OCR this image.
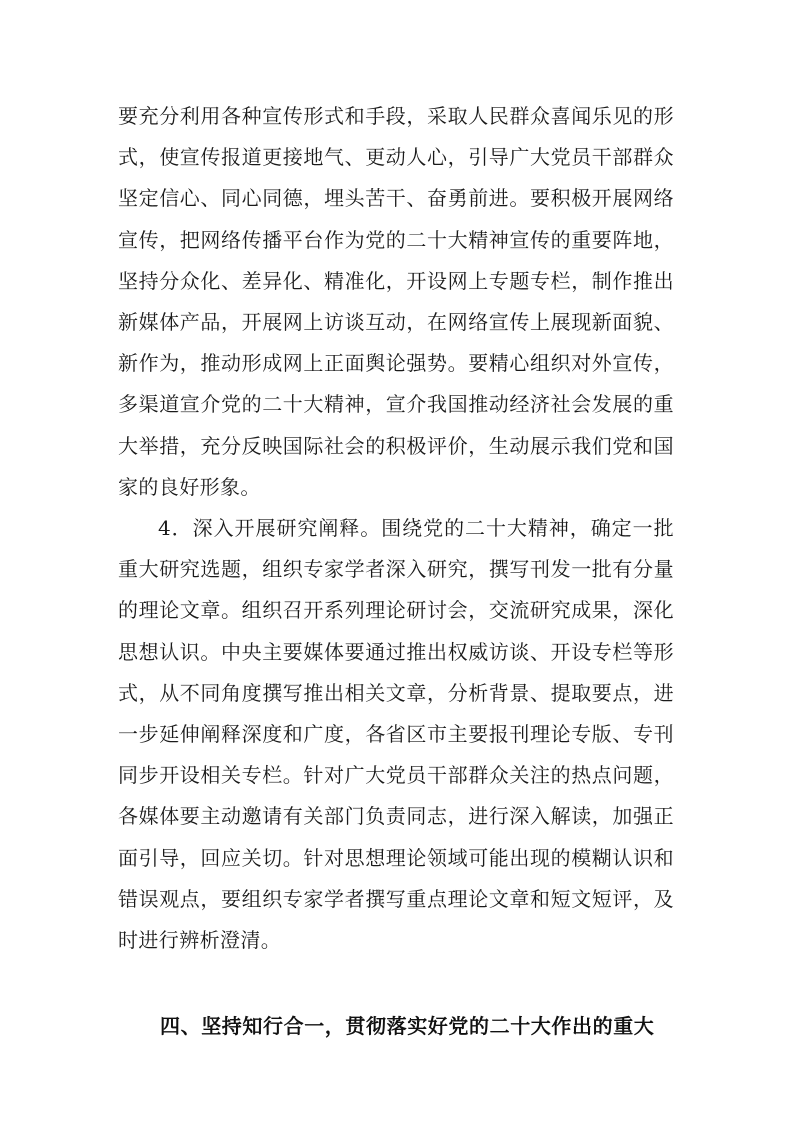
要充分利用各种宣传形式和手段，采取人民群众喜闻乐见的形式，使宣传报道更接地气、更动人心，引导广大党员干部群众坚定信心、同心同德，埋头苦干、奋勇前进。要积极开展网络宣传，把网络传播平台作为党的二十大精神宣传的重要阵地，坚持分众化、差异化、精准化，开设网上专题专栏，制作推出新媒体产品，开展网上访谈互动，在网络宣传上展现新面貌、新作为，推动形成网上正面舆论强势。要精心组织对外宣传，多渠道宣介党的二十大精神，宣介我国推动经济社会发展的重大举措，充分反映国际社会的积极评价，生动展示我们党和国家的良好形象。

4．深入开展研究阐释。围绕党的二十大精神，确定一批重大研究选题，组织专家学者深入研究，撰写刊发一批有分量的理论文章。组织召开系列理论研讨会，交流研究成果，深化思想认识。中央主要媒体要通过推出权威访谈、开设专栏等形式，从不同角度撰写推出相关文章，分析背景、提取要点，进一步延伸阐释深度和广度，各省区市主要报刊理论专版、专刊同步开设相关专栏。针对广大党员干部群众关注的热点问题，各媒体要主动邀请有关部门负责同志，进行深入解读，加强正面引导，回应关切。针对思想理论领域可能出现的模糊认识和错误观点，要组织专家学者撰写重点理论文章和短文短评，及时进行辨析澄清。

四、坚持知行合一，贯彻落实好党的二十大作出的重大
